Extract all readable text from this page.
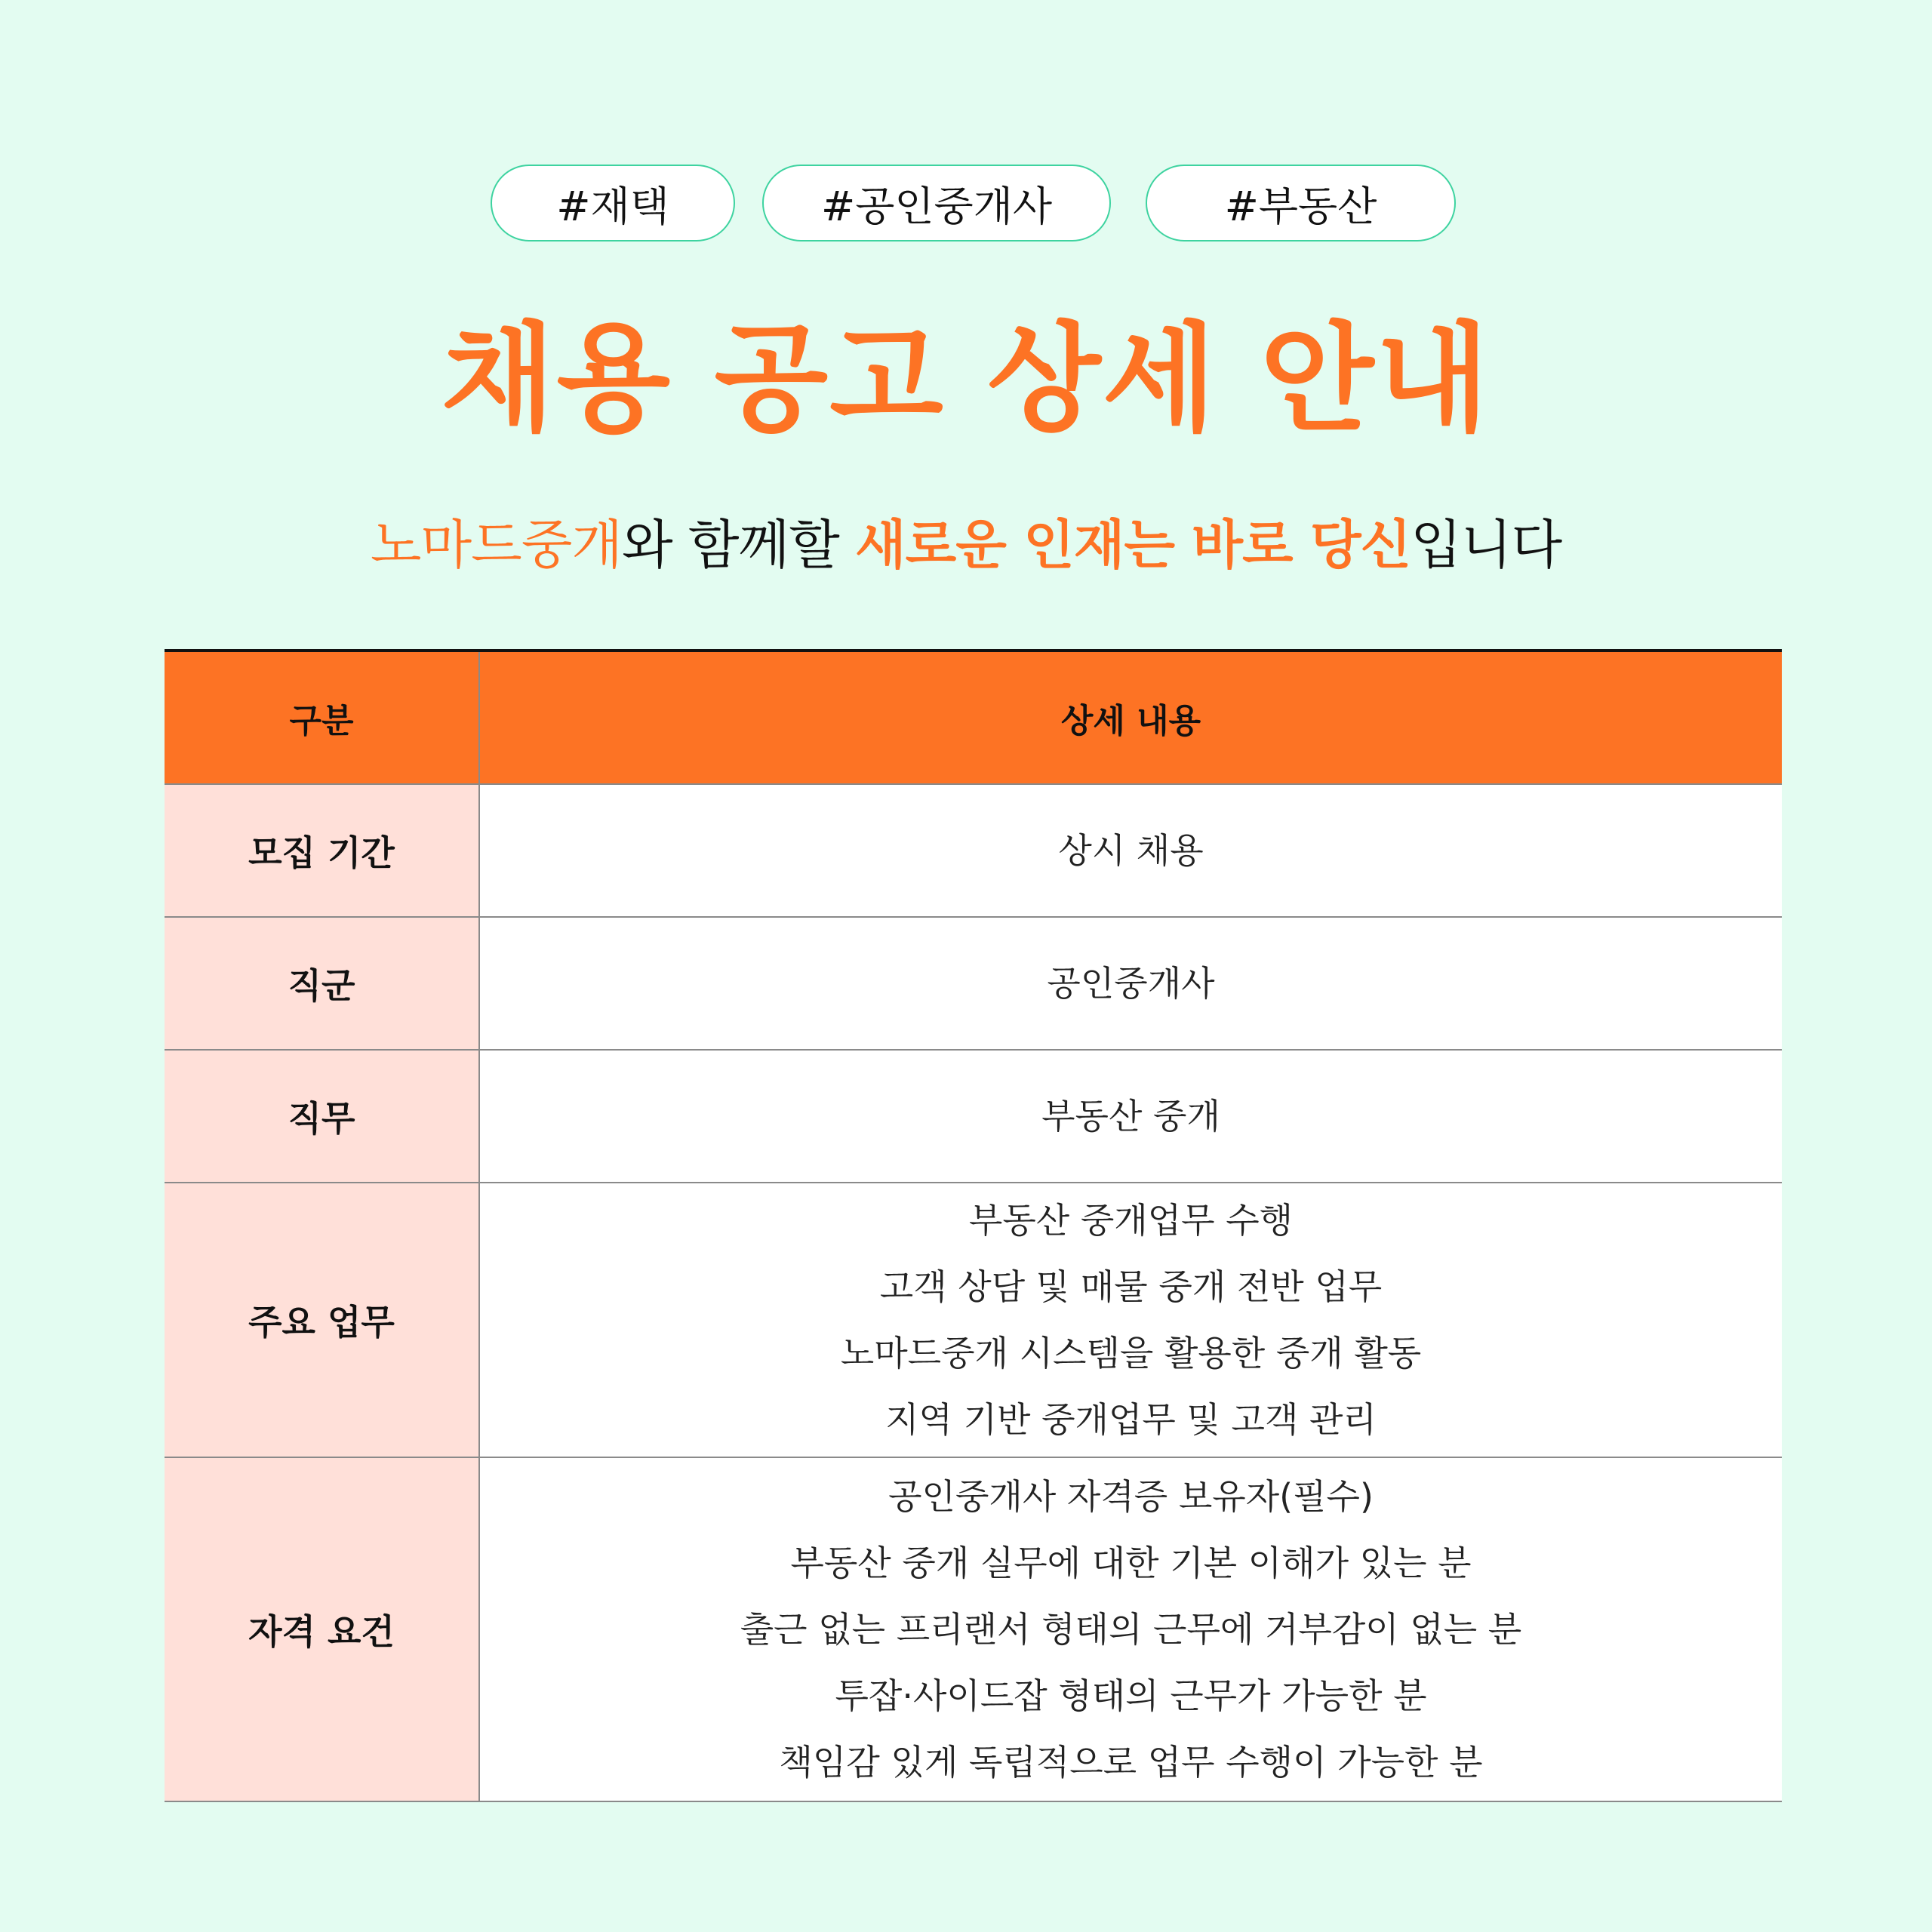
#재택	#공인중개사	#부동산
채용 공고 상세 안내
노마드중개와 함께할 새로운 인재는 바로 당신입니다
구분	상세 내용
모집 기간	상시 채용

직군	공인중개사

직무	부동산 중개

주요 업무	부동산 중개업무 수행
고객 상담 및 매물 중개 전반 업무
노마드중개 시스템을 활용한 중개 활동
지역 기반 중개업무 및 고객 관리

자격 요건	공인중개사 자격증 보유자(필수)
부동산 중개 실무에 대한 기본 이해가 있는 분
출근 없는 프리랜서 형태의 근무에 거부감이 없는 분
투잡·사이드잡 형태의 근무가 가능한 분
책임감 있게 독립적으로 업무 수행이 가능한 분
